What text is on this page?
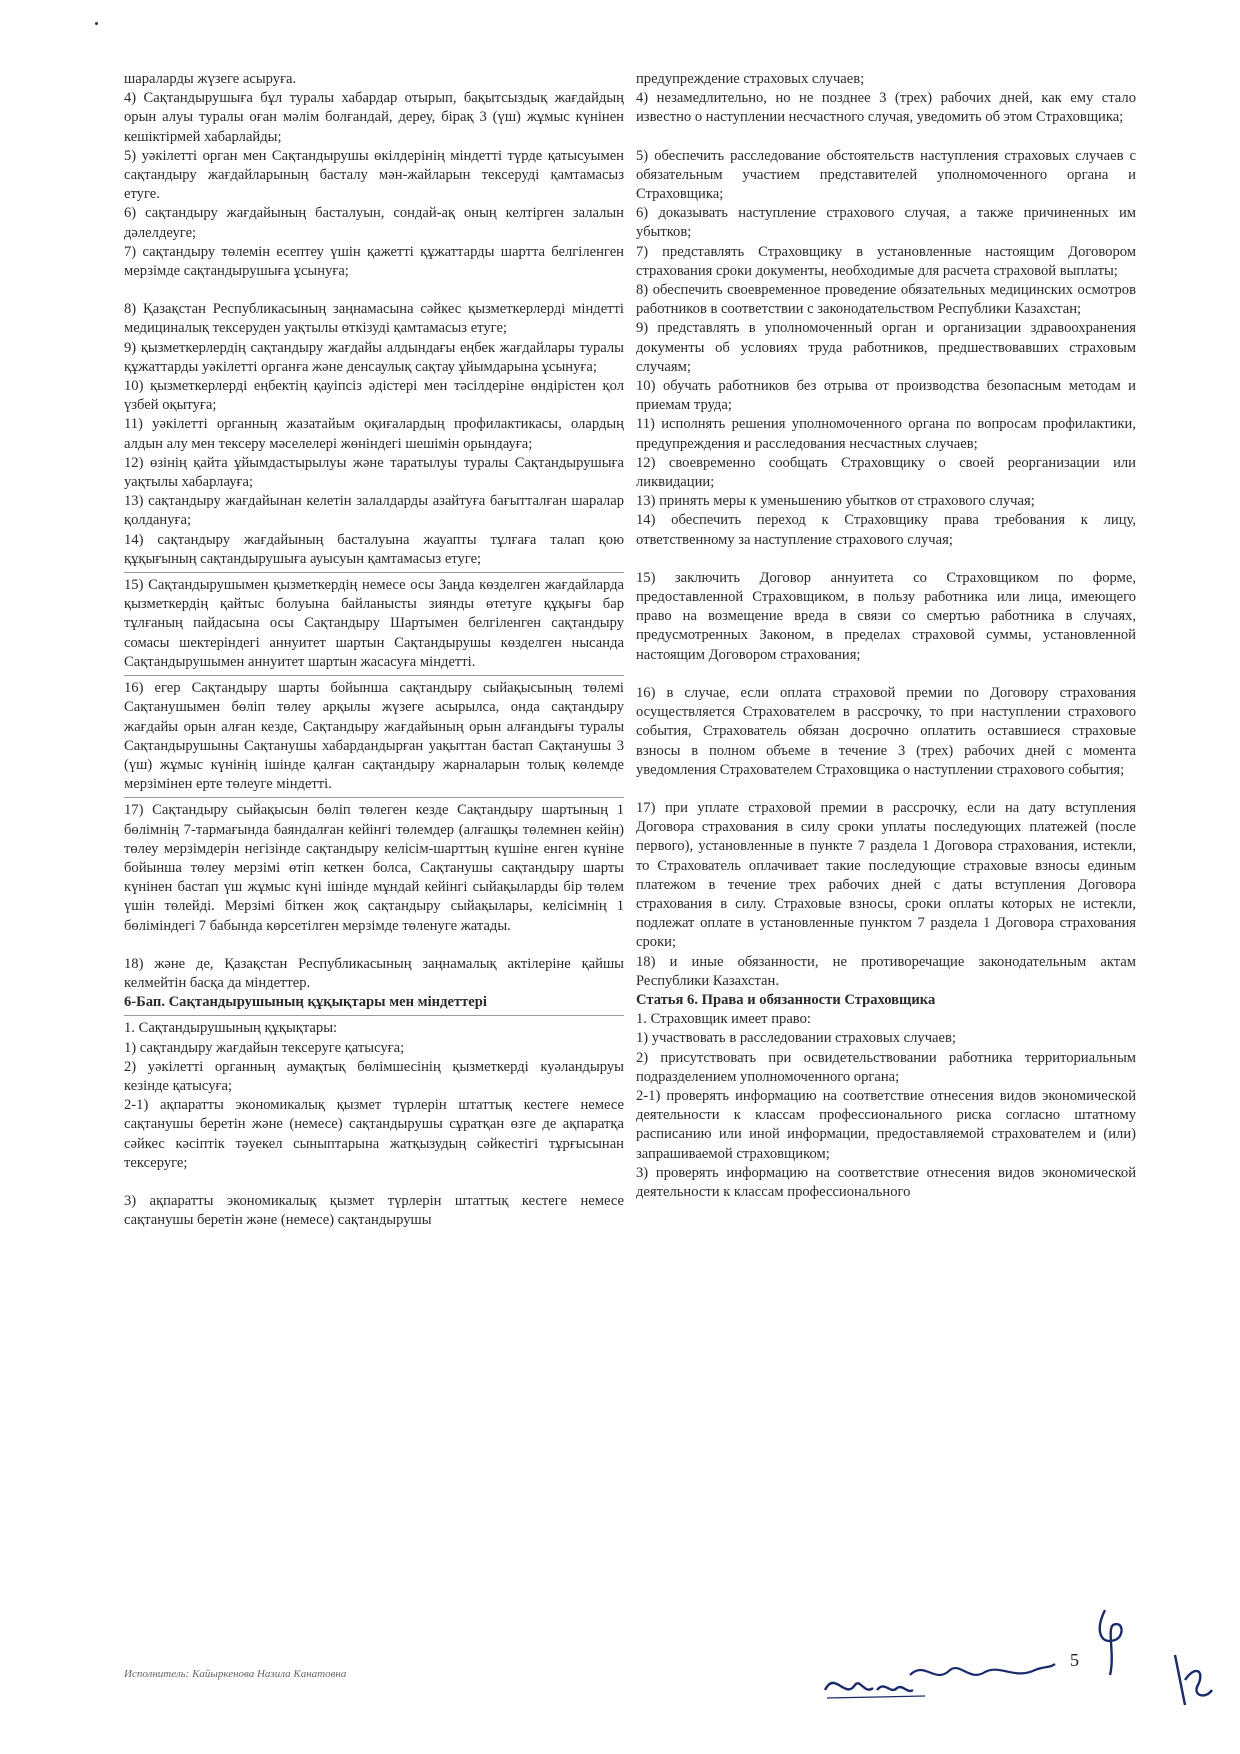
шараларды жүзеге асыруға.

4) Сақтандырушыға бұл туралы хабардар отырып, бақытсыздық жағдайдың орын алуы туралы оған мәлім болғандай, дереу, бірақ 3 (үш) жұмыс күнінен кешіктірмей хабарлайды;

5) уәкілетті орган мен Сақтандырушы өкілдерінің міндетті түрде қатысуымен сақтандыру жағдайларының басталу мән-жайларын тексеруді қамтамасыз етуге.

6) сақтандыру жағдайының басталуын, сондай-ақ оның келтірген залалын дәлелдеуге;

7) сақтандыру төлемін есептеу үшін қажетті құжаттарды шартта белгіленген мерзімде сақтандырушыға ұсынуға;

8) Қазақстан Республикасының заңнамасына сәйкес қызметкерлерді міндетті медициналық тексеруден уақтылы өткізуді қамтамасыз етуге;

9) қызметкерлердің сақтандыру жағдайы алдындағы еңбек жағдайлары туралы құжаттарды уәкілетті органға және денсаулық сақтау ұйымдарына ұсынуға;

10) қызметкерлерді еңбектің қауіпсіз әдістері мен тәсілдеріне өндірістен қол үзбей оқытуға;

11) уәкілетті органның жазатайым оқиғалардың профилактикасы, олардың алдын алу мен тексеру мәселелері жөніндегі шешімін орындауға;

12) өзінің қайта ұйымдастырылуы және таратылуы туралы Сақтандырушыға уақтылы хабарлауға;

13) сақтандыру жағдайынан келетін залалдарды азайтуға бағытталған шаралар қолдануға;

14) сақтандыру жағдайының басталуына жауапты тұлғаға талап қою құқығының сақтандырушыға ауысуын қамтамасыз етуге;

15) Сақтандырушымен қызметкердің немесе осы Заңда көзделген жағдайларда қызметкердің қайтыс болуына байланысты зиянды өтетуге құқығы бар тұлғаның пайдасына осы Сақтандыру Шартымен белгіленген сақтандыру сомасы шектеріндегі аннуитет шартын Сақтандырушы көзделген нысанда Сақтандырушымен аннуитет шартын жасасуға міндетті.

16) егер Сақтандыру шарты бойынша сақтандыру сыйақысының төлемі Сақтанушымен бөліп төлеу арқылы жүзеге асырылса, онда сақтандыру жағдайы орын алған кезде, Сақтандыру жағдайының орын алғандығы туралы Сақтандырушыны Сақтанушы хабардандырған уақыттан бастап Сақтанушы 3 (үш) жұмыс күнінің ішінде қалған сақтандыру жарналарын толық көлемде мерзімінен ерте төлеуге міндетті.

17) Сақтандыру сыйақысын бөліп төлеген кезде Сақтандыру шартының 1 бөлімнің 7-тармағында баяндалған кейінгі төлемдер (алғашқы төлемнен кейін) төлеу мерзімдерін негізінде сақтандыру келісім-шарттың күшіне енген күніне бойынша төлеу мерзімі өтіп кеткен болса, Сақтанушы сақтандыру шарты күнінен бастап үш жұмыс күні ішінде мұндай кейінгі сыйақыларды бір төлем үшін төлейді. Мерзімі біткен жоқ сақтандыру сыйақылары, келісімнің 1 бөліміндегі 7 бабында көрсетілген мерзімде төленуге жатады.

18) және де, Қазақстан Республикасының заңнамалық актілеріне қайшы келмейтін басқа да міндеттер.

6-Бап. Сақтандырушының құқықтары мен міндеттері

1. Сақтандырушының құқықтары:

1) сақтандыру жағдайын тексеруге қатысуға;

2) уәкілетті органның аумақтық бөлімшесінің қызметкерді куәландыруы кезінде қатысуға;

2-1) ақпаратты экономикалық қызмет түрлерін штаттық кестеге немесе сақтанушы беретін және (немесе) сақтандырушы сұратқан өзге де ақпаратқа сәйкес кәсіптік тәуекел сыныптарына жатқызудың сәйкестігі тұрғысынан тексеруге;

3) ақпаратты экономикалық қызмет түрлерін штаттық кестеге немесе сақтанушы беретін және (немесе) сақтандырушы

предупреждение страховых случаев;

4) незамедлительно, но не позднее 3 (трех) рабочих дней, как ему стало известно о наступлении несчастного случая, уведомить об этом Страховщика;

5) обеспечить расследование обстоятельств наступления страховых случаев с обязательным участием представителей уполномоченного органа и Страховщика;

6) доказывать наступление страхового случая, а также причиненных им убытков;

7) представлять Страховщику в установленные настоящим Договором страхования сроки документы, необходимые для расчета страховой выплаты;

8) обеспечить своевременное проведение обязательных медицинских осмотров работников в соответствии с законодательством Республики Казахстан;

9) представлять в уполномоченный орган и организации здравоохранения документы об условиях труда работников, предшествовавших страховым случаям;

10) обучать работников без отрыва от производства безопасным методам и приемам труда;

11) исполнять решения уполномоченного органа по вопросам профилактики, предупреждения и расследования несчастных случаев;

12) своевременно сообщать Страховщику о своей реорганизации или ликвидации;

13) принять меры к уменьшению убытков от страхового случая;

14) обеспечить переход к Страховщику права требования к лицу, ответственному за наступление страхового случая;

15) заключить Договор аннуитета со Страховщиком по форме, предоставленной Страховщиком, в пользу работника или лица, имеющего право на возмещение вреда в связи со смертью работника в случаях, предусмотренных Законом, в пределах страховой суммы, установленной настоящим Договором страхования;

16) в случае, если оплата страховой премии по Договору страхования осуществляется Страхователем в рассрочку, то при наступлении страхового события, Страхователь обязан досрочно оплатить оставшиеся страховые взносы в полном объеме в течение 3 (трех) рабочих дней с момента уведомления Страхователем Страховщика о наступлении страхового события;

17) при уплате страховой премии в рассрочку, если на дату вступления Договора страхования в силу сроки уплаты последующих платежей (после первого), установленные в пункте 7 раздела 1 Договора страхования, истекли, то Страхователь оплачивает такие последующие страховые взносы единым платежом в течение трех рабочих дней с даты вступления Договора страхования в силу. Страховые взносы, сроки оплаты которых не истекли, подлежат оплате в установленные пунктом 7 раздела 1 Договора страхования сроки;

18) и иные обязанности, не противоречащие законодательным актам Республики Казахстан.

Статья 6. Права и обязанности Страховщика

1. Страховщик имеет право:

1) участвовать в расследовании страховых случаев;

2) присутствовать при освидетельствовании работника территориальным подразделением уполномоченного органа;

2-1) проверять информацию на соответствие отнесения видов экономической деятельности к классам профессионального риска согласно штатному расписанию или иной информации, предоставляемой страхователем и (или) запрашиваемой страховщиком;

3) проверять информацию на соответствие отнесения видов экономической деятельности к классам профессионального

Исполнитель: Кайыркенова Назила Канатовна
5
